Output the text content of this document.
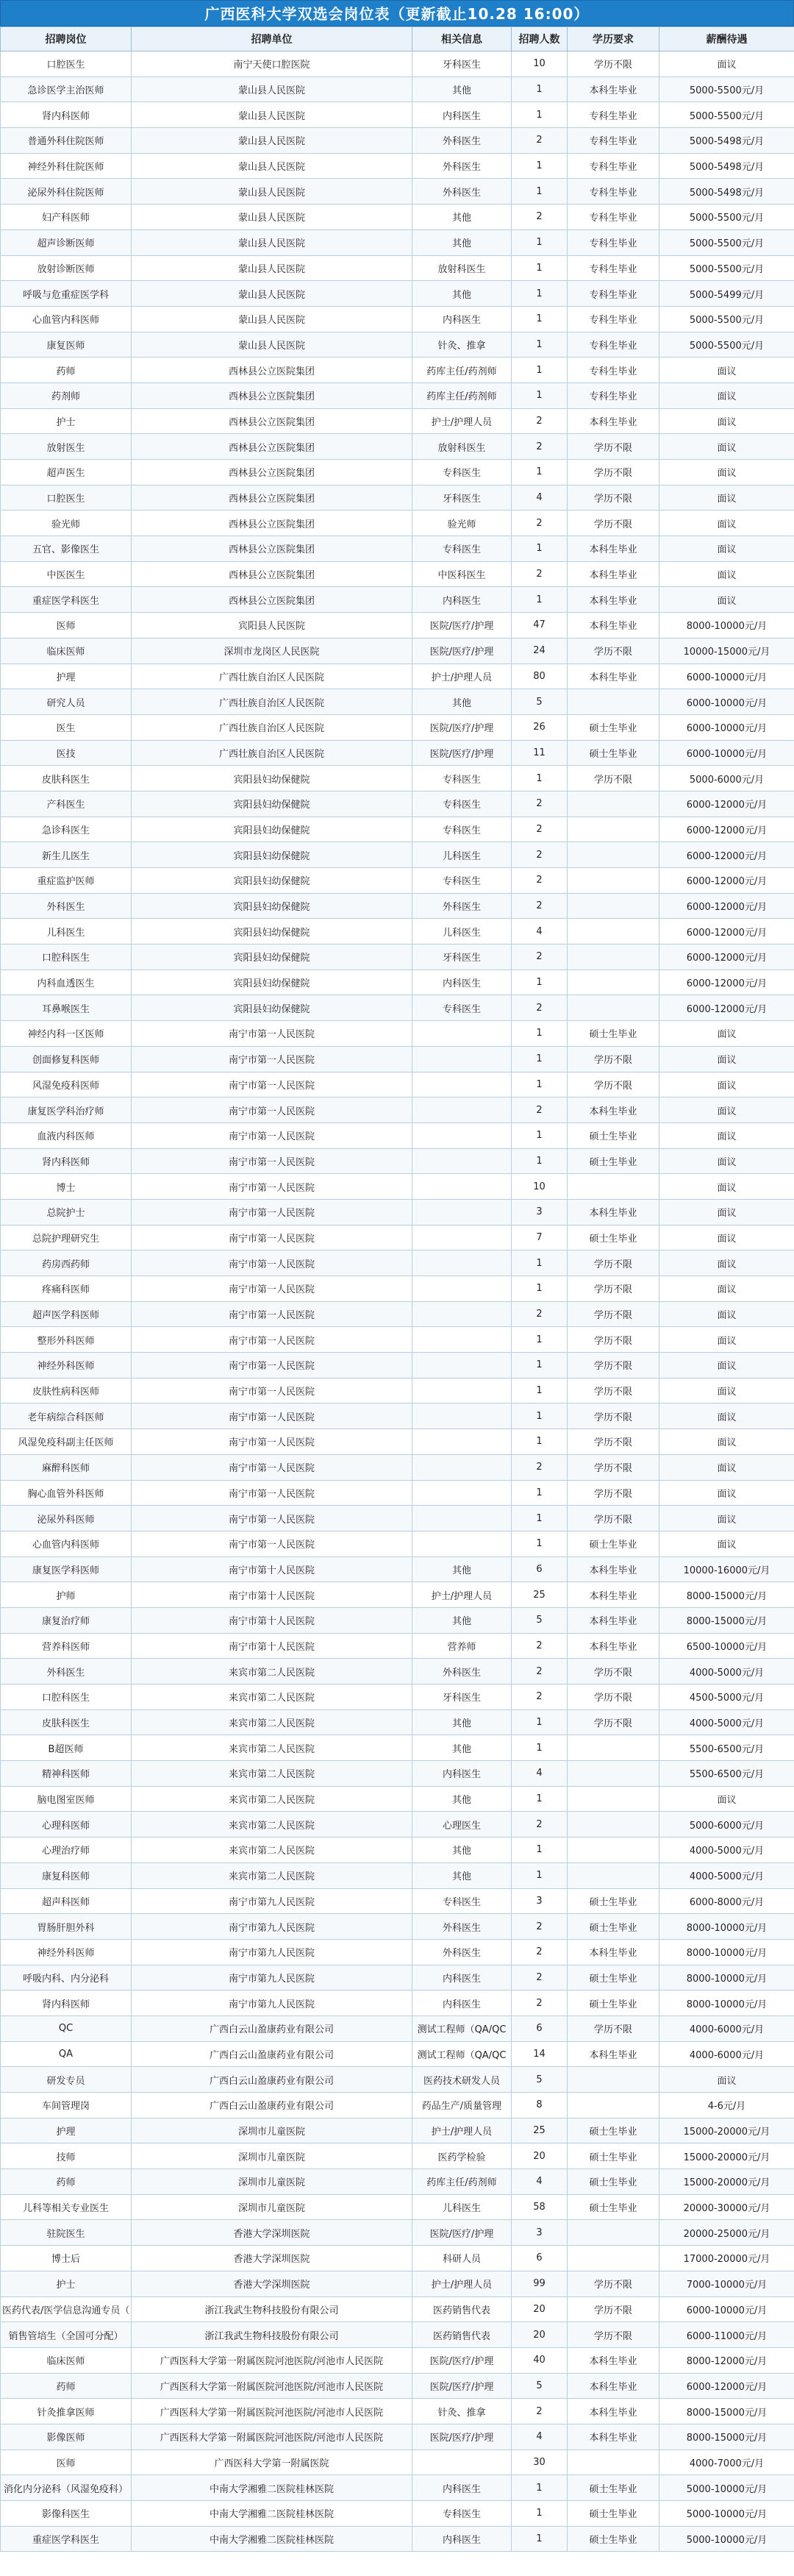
广西医科大学双选会岗位表（更新截止10.28 16:00）
招聘岗位	招聘单位	相关信息	招聘人数	学历要求	薪酬待遇
口腔医生	南宁天使口腔医院	牙科医生	10	学历不限	面议
急诊医学主治医师	蒙山县人民医院	其他	1	本科生毕业	5000-5500元/月
肾内科医师	蒙山县人民医院	内科医生	1	专科生毕业	5000-5500元/月
普通外科住院医师	蒙山县人民医院	外科医生	2	专科生毕业	5000-5498元/月
神经外科住院医师	蒙山县人民医院	外科医生	1	专科生毕业	5000-5498元/月
泌尿外科住院医师	蒙山县人民医院	外科医生	1	专科生毕业	5000-5498元/月
妇产科医师	蒙山县人民医院	其他	2	专科生毕业	5000-5500元/月
超声诊断医师	蒙山县人民医院	其他	1	专科生毕业	5000-5500元/月
放射诊断医师	蒙山县人民医院	放射科医生	1	专科生毕业	5000-5500元/月
呼吸与危重症医学科	蒙山县人民医院	其他	1	专科生毕业	5000-5499元/月
心血管内科医师	蒙山县人民医院	内科医生	1	专科生毕业	5000-5500元/月
康复医师	蒙山县人民医院	针灸、推拿	1	专科生毕业	5000-5500元/月
药师	西林县公立医院集团	药库主任/药剂师	1	专科生毕业	面议
药剂师	西林县公立医院集团	药库主任/药剂师	1	专科生毕业	面议
护士	西林县公立医院集团	护士/护理人员	2	本科生毕业	面议
放射医生	西林县公立医院集团	放射科医生	2	学历不限	面议
超声医生	西林县公立医院集团	专科医生	1	学历不限	面议
口腔医生	西林县公立医院集团	牙科医生	4	学历不限	面议
验光师	西林县公立医院集团	验光师	2	学历不限	面议
五官、影像医生	西林县公立医院集团	专科医生	1	本科生毕业	面议
中医医生	西林县公立医院集团	中医科医生	2	本科生毕业	面议
重症医学科医生	西林县公立医院集团	内科医生	1	本科生毕业	面议
医师	宾阳县人民医院	医院/医疗/护理	47	本科生毕业	8000-10000元/月
临床医师	深圳市龙岗区人民医院	医院/医疗/护理	24	学历不限	10000-15000元/月
护理	广西壮族自治区人民医院	护士/护理人员	80	本科生毕业	6000-10000元/月
研究人员	广西壮族自治区人民医院	其他	5		6000-10000元/月
医生	广西壮族自治区人民医院	医院/医疗/护理	26	硕士生毕业	6000-10000元/月
医技	广西壮族自治区人民医院	医院/医疗/护理	11	硕士生毕业	6000-10000元/月
皮肤科医生	宾阳县妇幼保健院	专科医生	1	学历不限	5000-6000元/月
产科医生	宾阳县妇幼保健院	专科医生	2		6000-12000元/月
急诊科医生	宾阳县妇幼保健院	专科医生	2		6000-12000元/月
新生儿医生	宾阳县妇幼保健院	儿科医生	2		6000-12000元/月
重症监护医师	宾阳县妇幼保健院	专科医生	2		6000-12000元/月
外科医生	宾阳县妇幼保健院	外科医生	2		6000-12000元/月
儿科医生	宾阳县妇幼保健院	儿科医生	4		6000-12000元/月
口腔科医生	宾阳县妇幼保健院	牙科医生	2		6000-12000元/月
内科血透医生	宾阳县妇幼保健院	内科医生	1		6000-12000元/月
耳鼻喉医生	宾阳县妇幼保健院	专科医生	2		6000-12000元/月
神经内科一区医师	南宁市第一人民医院		1	硕士生毕业	面议
创面修复科医师	南宁市第一人民医院		1	学历不限	面议
风湿免疫科医师	南宁市第一人民医院		1	学历不限	面议
康复医学科治疗师	南宁市第一人民医院		2	本科生毕业	面议
血液内科医师	南宁市第一人民医院		1	硕士生毕业	面议
肾内科医师	南宁市第一人民医院		1	硕士生毕业	面议
博士	南宁市第一人民医院		10		面议
总院护士	南宁市第一人民医院		3	本科生毕业	面议
总院护理研究生	南宁市第一人民医院		7	硕士生毕业	面议
药房西药师	南宁市第一人民医院		1	学历不限	面议
疼痛科医师	南宁市第一人民医院		1	学历不限	面议
超声医学科医师	南宁市第一人民医院		2	学历不限	面议
整形外科医师	南宁市第一人民医院		1	学历不限	面议
神经外科医师	南宁市第一人民医院		1	学历不限	面议
皮肤性病科医师	南宁市第一人民医院		1	学历不限	面议
老年病综合科医师	南宁市第一人民医院		1	学历不限	面议
风湿免疫科副主任医师	南宁市第一人民医院		1	学历不限	面议
麻醉科医师	南宁市第一人民医院		2	学历不限	面议
胸心血管外科医师	南宁市第一人民医院		1	学历不限	面议
泌尿外科医师	南宁市第一人民医院		1	学历不限	面议
心血管内科医师	南宁市第一人民医院		1	硕士生毕业	面议
康复医学科医师	南宁市第十人民医院	其他	6	本科生毕业	10000-16000元/月
护师	南宁市第十人民医院	护士/护理人员	25	本科生毕业	8000-15000元/月
康复治疗师	南宁市第十人民医院	其他	5	本科生毕业	8000-15000元/月
营养科医师	南宁市第十人民医院	营养师	2	本科生毕业	6500-10000元/月
外科医生	来宾市第二人民医院	外科医生	2	学历不限	4000-5000元/月
口腔科医生	来宾市第二人民医院	牙科医生	2	学历不限	4500-5000元/月
皮肤科医生	来宾市第二人民医院	其他	1	学历不限	4000-5000元/月
B超医师	来宾市第二人民医院	其他	1		5500-6500元/月
精神科医师	来宾市第二人民医院	内科医生	4		5500-6500元/月
脑电图室医师	来宾市第二人民医院	其他	1		面议
心理科医师	来宾市第二人民医院	心理医生	2		5000-6000元/月
心理治疗师	来宾市第二人民医院	其他	1		4000-5000元/月
康复科医师	来宾市第二人民医院	其他	1		4000-5000元/月
超声科医师	南宁市第九人民医院	专科医生	3	硕士生毕业	6000-8000元/月
胃肠肝胆外科	南宁市第九人民医院	外科医生	2	硕士生毕业	8000-10000元/月
神经外科医师	南宁市第九人民医院	外科医生	2	本科生毕业	8000-10000元/月
呼吸内科、内分泌科	南宁市第九人民医院	内科医生	2	硕士生毕业	8000-10000元/月
肾内科医师	南宁市第九人民医院	内科医生	2	硕士生毕业	8000-10000元/月
QC	广西白云山盈康药业有限公司	测试工程师（QA/QC	6	学历不限	4000-6000元/月
QA	广西白云山盈康药业有限公司	测试工程师（QA/QC	14	本科生毕业	4000-6000元/月
研发专员	广西白云山盈康药业有限公司	医药技术研发人员	5		面议
车间管理岗	广西白云山盈康药业有限公司	药品生产/质量管理	8		4-6元/月
护理	深圳市儿童医院	护士/护理人员	25	硕士生毕业	15000-20000元/月
技师	深圳市儿童医院	医药学检验	20	硕士生毕业	15000-20000元/月
药师	深圳市儿童医院	药库主任/药剂师	4	硕士生毕业	15000-20000元/月
儿科等相关专业医生	深圳市儿童医院	儿科医生	58	硕士生毕业	20000-30000元/月
驻院医生	香港大学深圳医院	医院/医疗/护理	3		20000-25000元/月
博士后	香港大学深圳医院	科研人员	6		17000-20000元/月
护士	香港大学深圳医院	护士/护理人员	99	学历不限	7000-10000元/月
医药代表/医学信息沟通专员（	浙江我武生物科技股份有限公司	医药销售代表	20	学历不限	6000-10000元/月
销售管培生（全国可分配）	浙江我武生物科技股份有限公司	医药销售代表	20	学历不限	6000-11000元/月
临床医师	广西医科大学第一附属医院河池医院/河池市人民医院	医院/医疗/护理	40	本科生毕业	8000-12000元/月
药师	广西医科大学第一附属医院河池医院/河池市人民医院	医院/医疗/护理	5	本科生毕业	6000-12000元/月
针灸推拿医师	广西医科大学第一附属医院河池医院/河池市人民医院	针灸、推拿	2	本科生毕业	8000-15000元/月
影像医师	广西医科大学第一附属医院河池医院/河池市人民医院	医院/医疗/护理	4	本科生毕业	8000-15000元/月
医师	广西医科大学第一附属医院		30		4000-7000元/月
消化内分泌科（风湿免疫科）	中南大学湘雅二医院桂林医院	内科医生	1	硕士生毕业	5000-10000元/月
影像科医生	中南大学湘雅二医院桂林医院	专科医生	1	硕士生毕业	5000-10000元/月
重症医学科医生	中南大学湘雅二医院桂林医院	内科医生	1	硕士生毕业	5000-10000元/月
